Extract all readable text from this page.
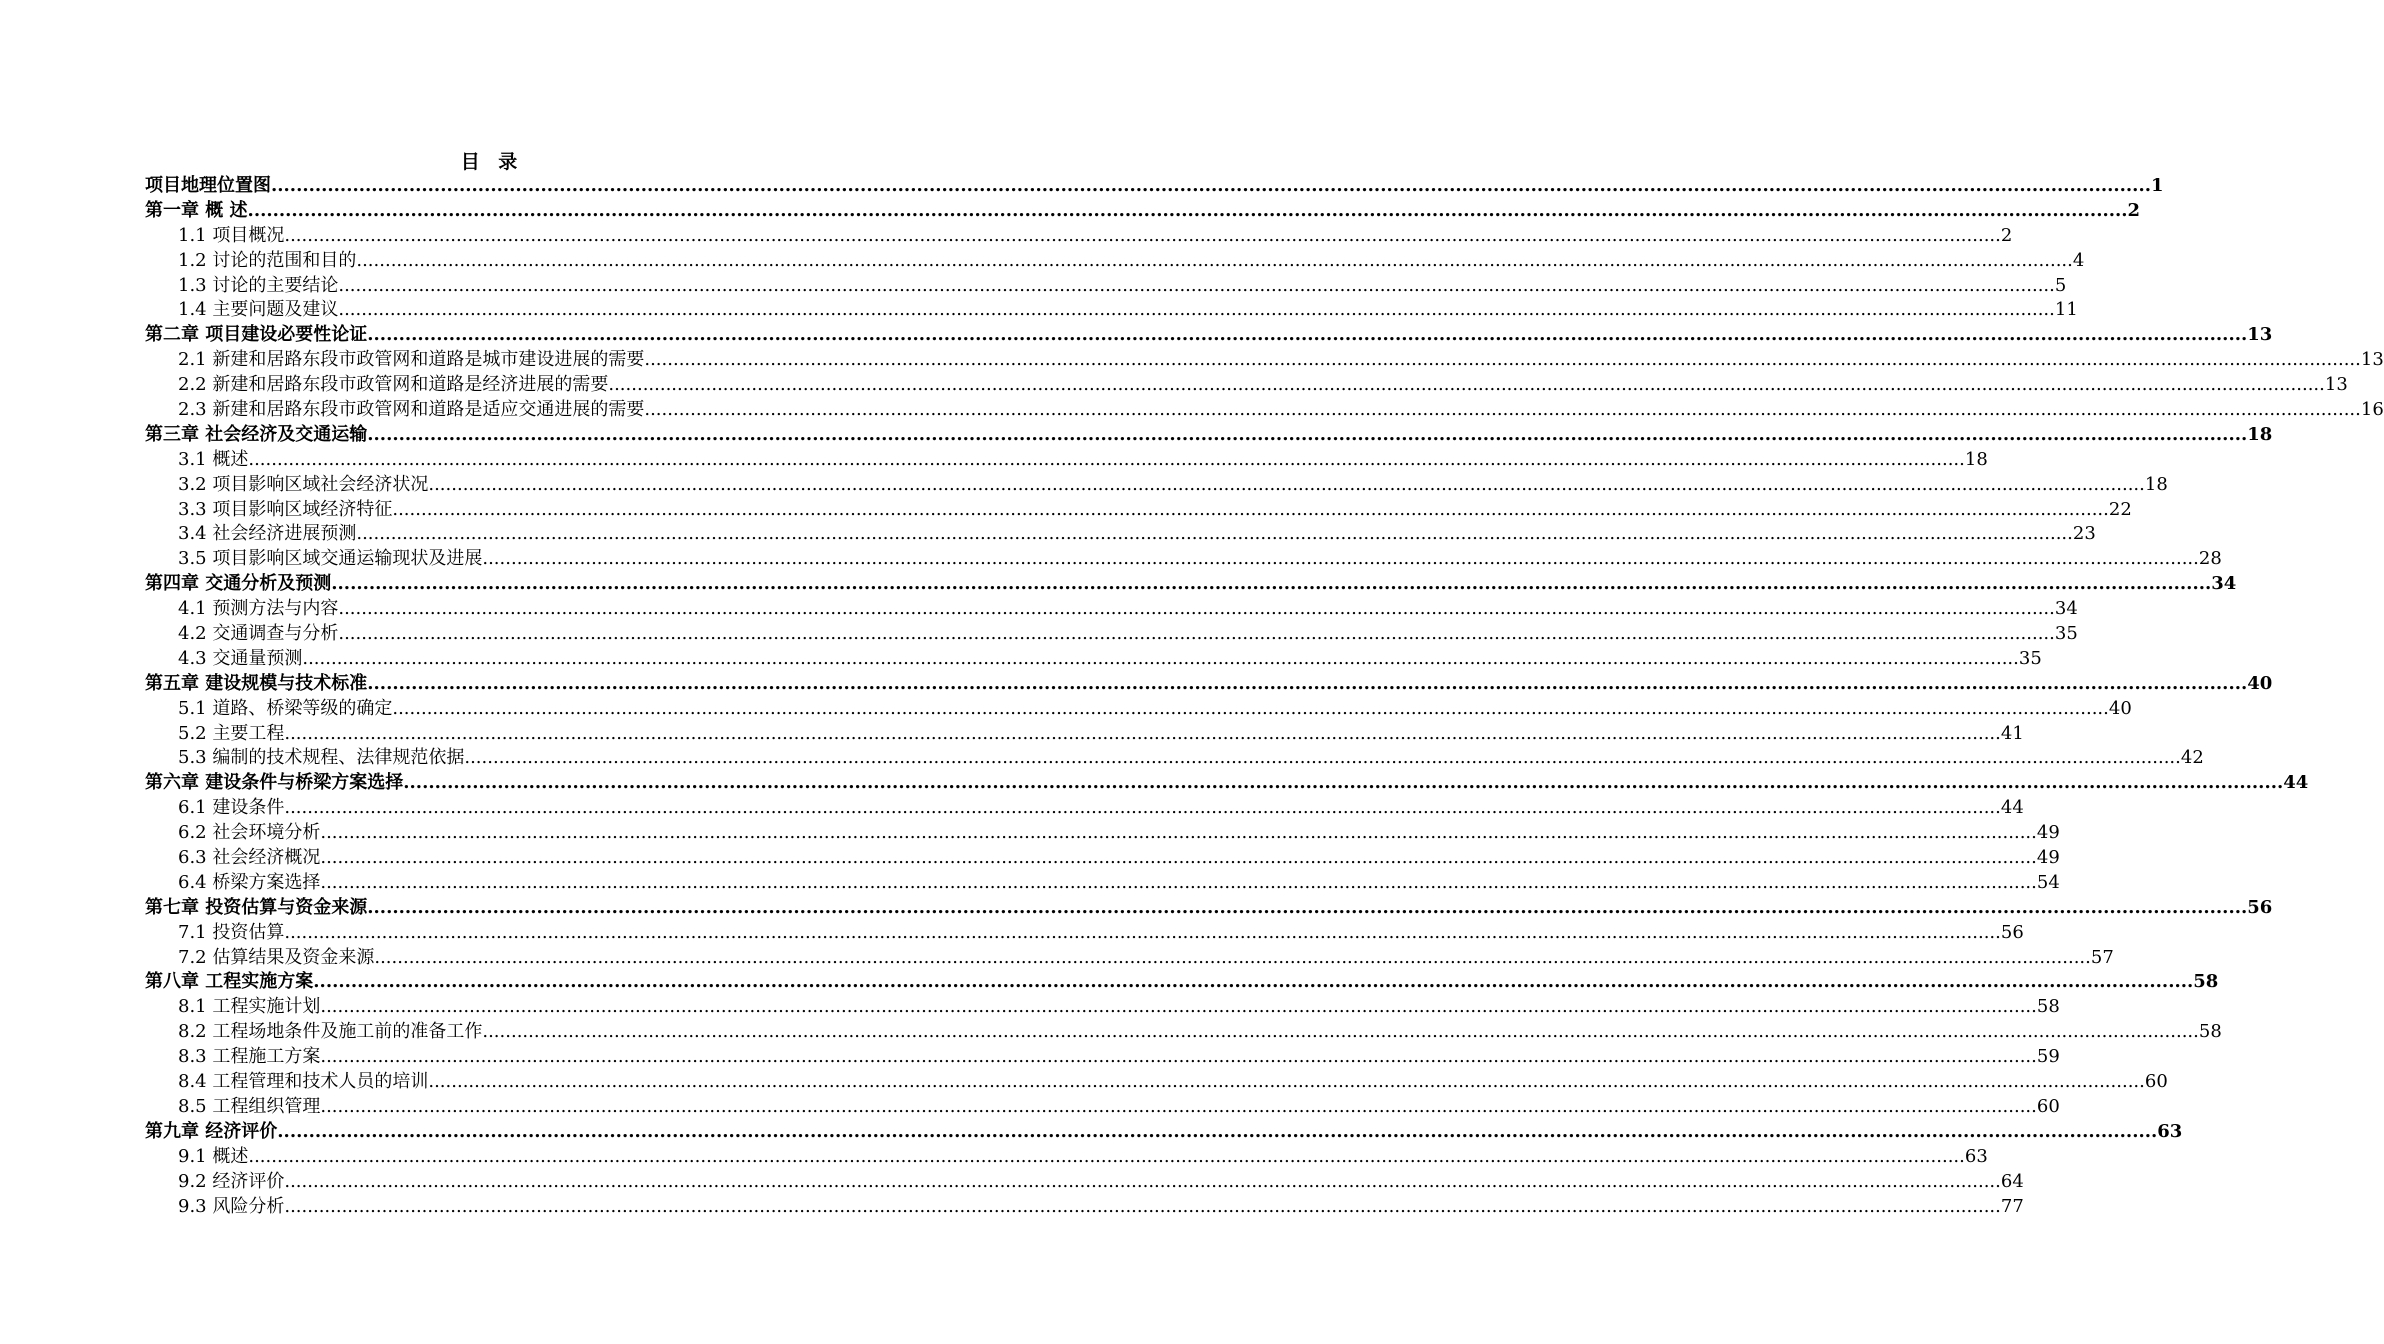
目 录
项目地理位置图 ............................................................................................................................................................................................................................................................................................................ 1
第一章 概 述 ............................................................................................................................................................................................................................................................................................................ 2
1.1 项目概况 ............................................................................................................................................................................................................................................................................................................ 2
1.2 讨论的范围和目的 ............................................................................................................................................................................................................................................................................................................ 4
1.3 讨论的主要结论 ............................................................................................................................................................................................................................................................................................................ 5
1.4 主要问题及建议 ............................................................................................................................................................................................................................................................................................................ 11
第二章 项目建设必要性论证 ............................................................................................................................................................................................................................................................................................................ 13
2.1 新建和居路东段市政管网和道路是城市建设进展的需要 ............................................................................................................................................................................................................................................................................................................ 13
2.2 新建和居路东段市政管网和道路是经济进展的需要 ............................................................................................................................................................................................................................................................................................................ 13
2.3 新建和居路东段市政管网和道路是适应交通进展的需要 ............................................................................................................................................................................................................................................................................................................ 16
第三章 社会经济及交通运输 ............................................................................................................................................................................................................................................................................................................ 18
3.1 概述 ............................................................................................................................................................................................................................................................................................................ 18
3.2 项目影响区域社会经济状况 ............................................................................................................................................................................................................................................................................................................ 18
3.3 项目影响区域经济特征 ............................................................................................................................................................................................................................................................................................................ 22
3.4 社会经济进展预测 ............................................................................................................................................................................................................................................................................................................ 23
3.5 项目影响区域交通运输现状及进展 ............................................................................................................................................................................................................................................................................................................ 28
第四章 交通分析及预测 ............................................................................................................................................................................................................................................................................................................ 34
4.1 预测方法与内容 ............................................................................................................................................................................................................................................................................................................ 34
4.2 交通调查与分析 ............................................................................................................................................................................................................................................................................................................ 35
4.3 交通量预测 ............................................................................................................................................................................................................................................................................................................ 35
第五章 建设规模与技术标准 ............................................................................................................................................................................................................................................................................................................ 40
5.1 道路、桥梁等级的确定 ............................................................................................................................................................................................................................................................................................................ 40
5.2 主要工程 ............................................................................................................................................................................................................................................................................................................ 41
5.3 编制的技术规程、法律规范依据 ............................................................................................................................................................................................................................................................................................................ 42
第六章 建设条件与桥梁方案选择 ............................................................................................................................................................................................................................................................................................................ 44
6.1 建设条件 ............................................................................................................................................................................................................................................................................................................ 44
6.2 社会环境分析 ............................................................................................................................................................................................................................................................................................................ 49
6.3 社会经济概况 ............................................................................................................................................................................................................................................................................................................ 49
6.4 桥梁方案选择 ............................................................................................................................................................................................................................................................................................................ 54
第七章 投资估算与资金来源 ............................................................................................................................................................................................................................................................................................................ 56
7.1 投资估算 ............................................................................................................................................................................................................................................................................................................ 56
7.2 估算结果及资金来源 ............................................................................................................................................................................................................................................................................................................ 57
第八章 工程实施方案 ............................................................................................................................................................................................................................................................................................................ 58
8.1 工程实施计划 ............................................................................................................................................................................................................................................................................................................ 58
8.2 工程场地条件及施工前的准备工作 ............................................................................................................................................................................................................................................................................................................ 58
8.3 工程施工方案 ............................................................................................................................................................................................................................................................................................................ 59
8.4 工程管理和技术人员的培训 ............................................................................................................................................................................................................................................................................................................ 60
8.5 工程组织管理 ............................................................................................................................................................................................................................................................................................................ 60
第九章 经济评价 ............................................................................................................................................................................................................................................................................................................ 63
9.1 概述 ............................................................................................................................................................................................................................................................................................................ 63
9.2 经济评价 ............................................................................................................................................................................................................................................................................................................ 64
9.3 风险分析 ............................................................................................................................................................................................................................................................................................................ 77
